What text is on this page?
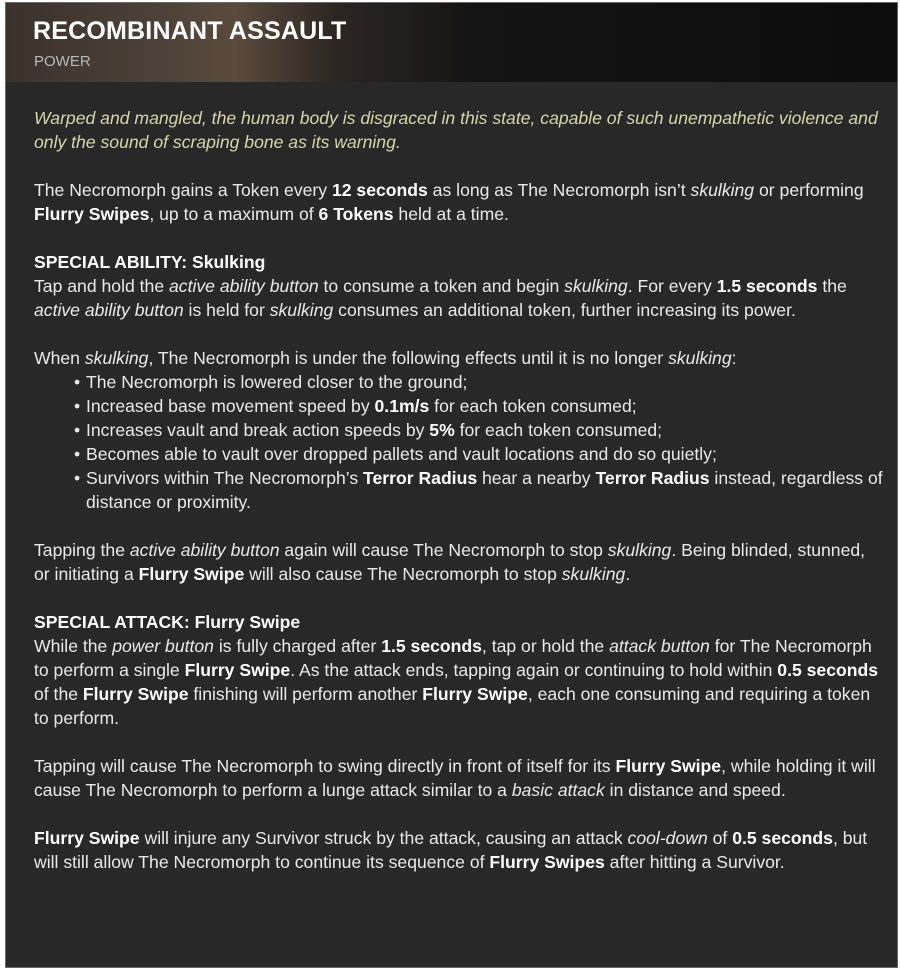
RECOMBINANT ASSAULT
POWER

Warped and mangled, the human body is disgraced in this state, capable of such unempathetic violence and only the sound of scraping bone as its warning.

The Necromorph gains a Token every 12 seconds as long as The Necromorph isn’t skulking or performing Flurry Swipes, up to a maximum of 6 Tokens held at a time.

SPECIAL ABILITY: Skulking

Tap and hold the active ability button to consume a token and begin skulking. For every 1.5 seconds the active ability button is held for skulking consumes an additional token, further increasing its power.

When skulking, The Necromorph is under the following effects until it is no longer skulking:

• The Necromorph is lowered closer to the ground;
• Increased base movement speed by 0.1m/s for each token consumed;
• Increases vault and break action speeds by 5% for each token consumed;
• Becomes able to vault over dropped pallets and vault locations and do so quietly;
• Survivors within The Necromorph’s Terror Radius hear a nearby Terror Radius instead, regardless of distance or proximity.

Tapping the active ability button again will cause The Necromorph to stop skulking. Being blinded, stunned, or initiating a Flurry Swipe will also cause The Necromorph to stop skulking.

SPECIAL ATTACK: Flurry Swipe

While the power button is fully charged after 1.5 seconds, tap or hold the attack button for The Necromorph to perform a single Flurry Swipe. As the attack ends, tapping again or continuing to hold within 0.5 seconds of the Flurry Swipe finishing will perform another Flurry Swipe, each one consuming and requiring a token to perform.

Tapping will cause The Necromorph to swing directly in front of itself for its Flurry Swipe, while holding it will cause The Necromorph to perform a lunge attack similar to a basic attack in distance and speed.

Flurry Swipe will injure any Survivor struck by the attack, causing an attack cool-down of 0.5 seconds, but will still allow The Necromorph to continue its sequence of Flurry Swipes after hitting a Survivor.
